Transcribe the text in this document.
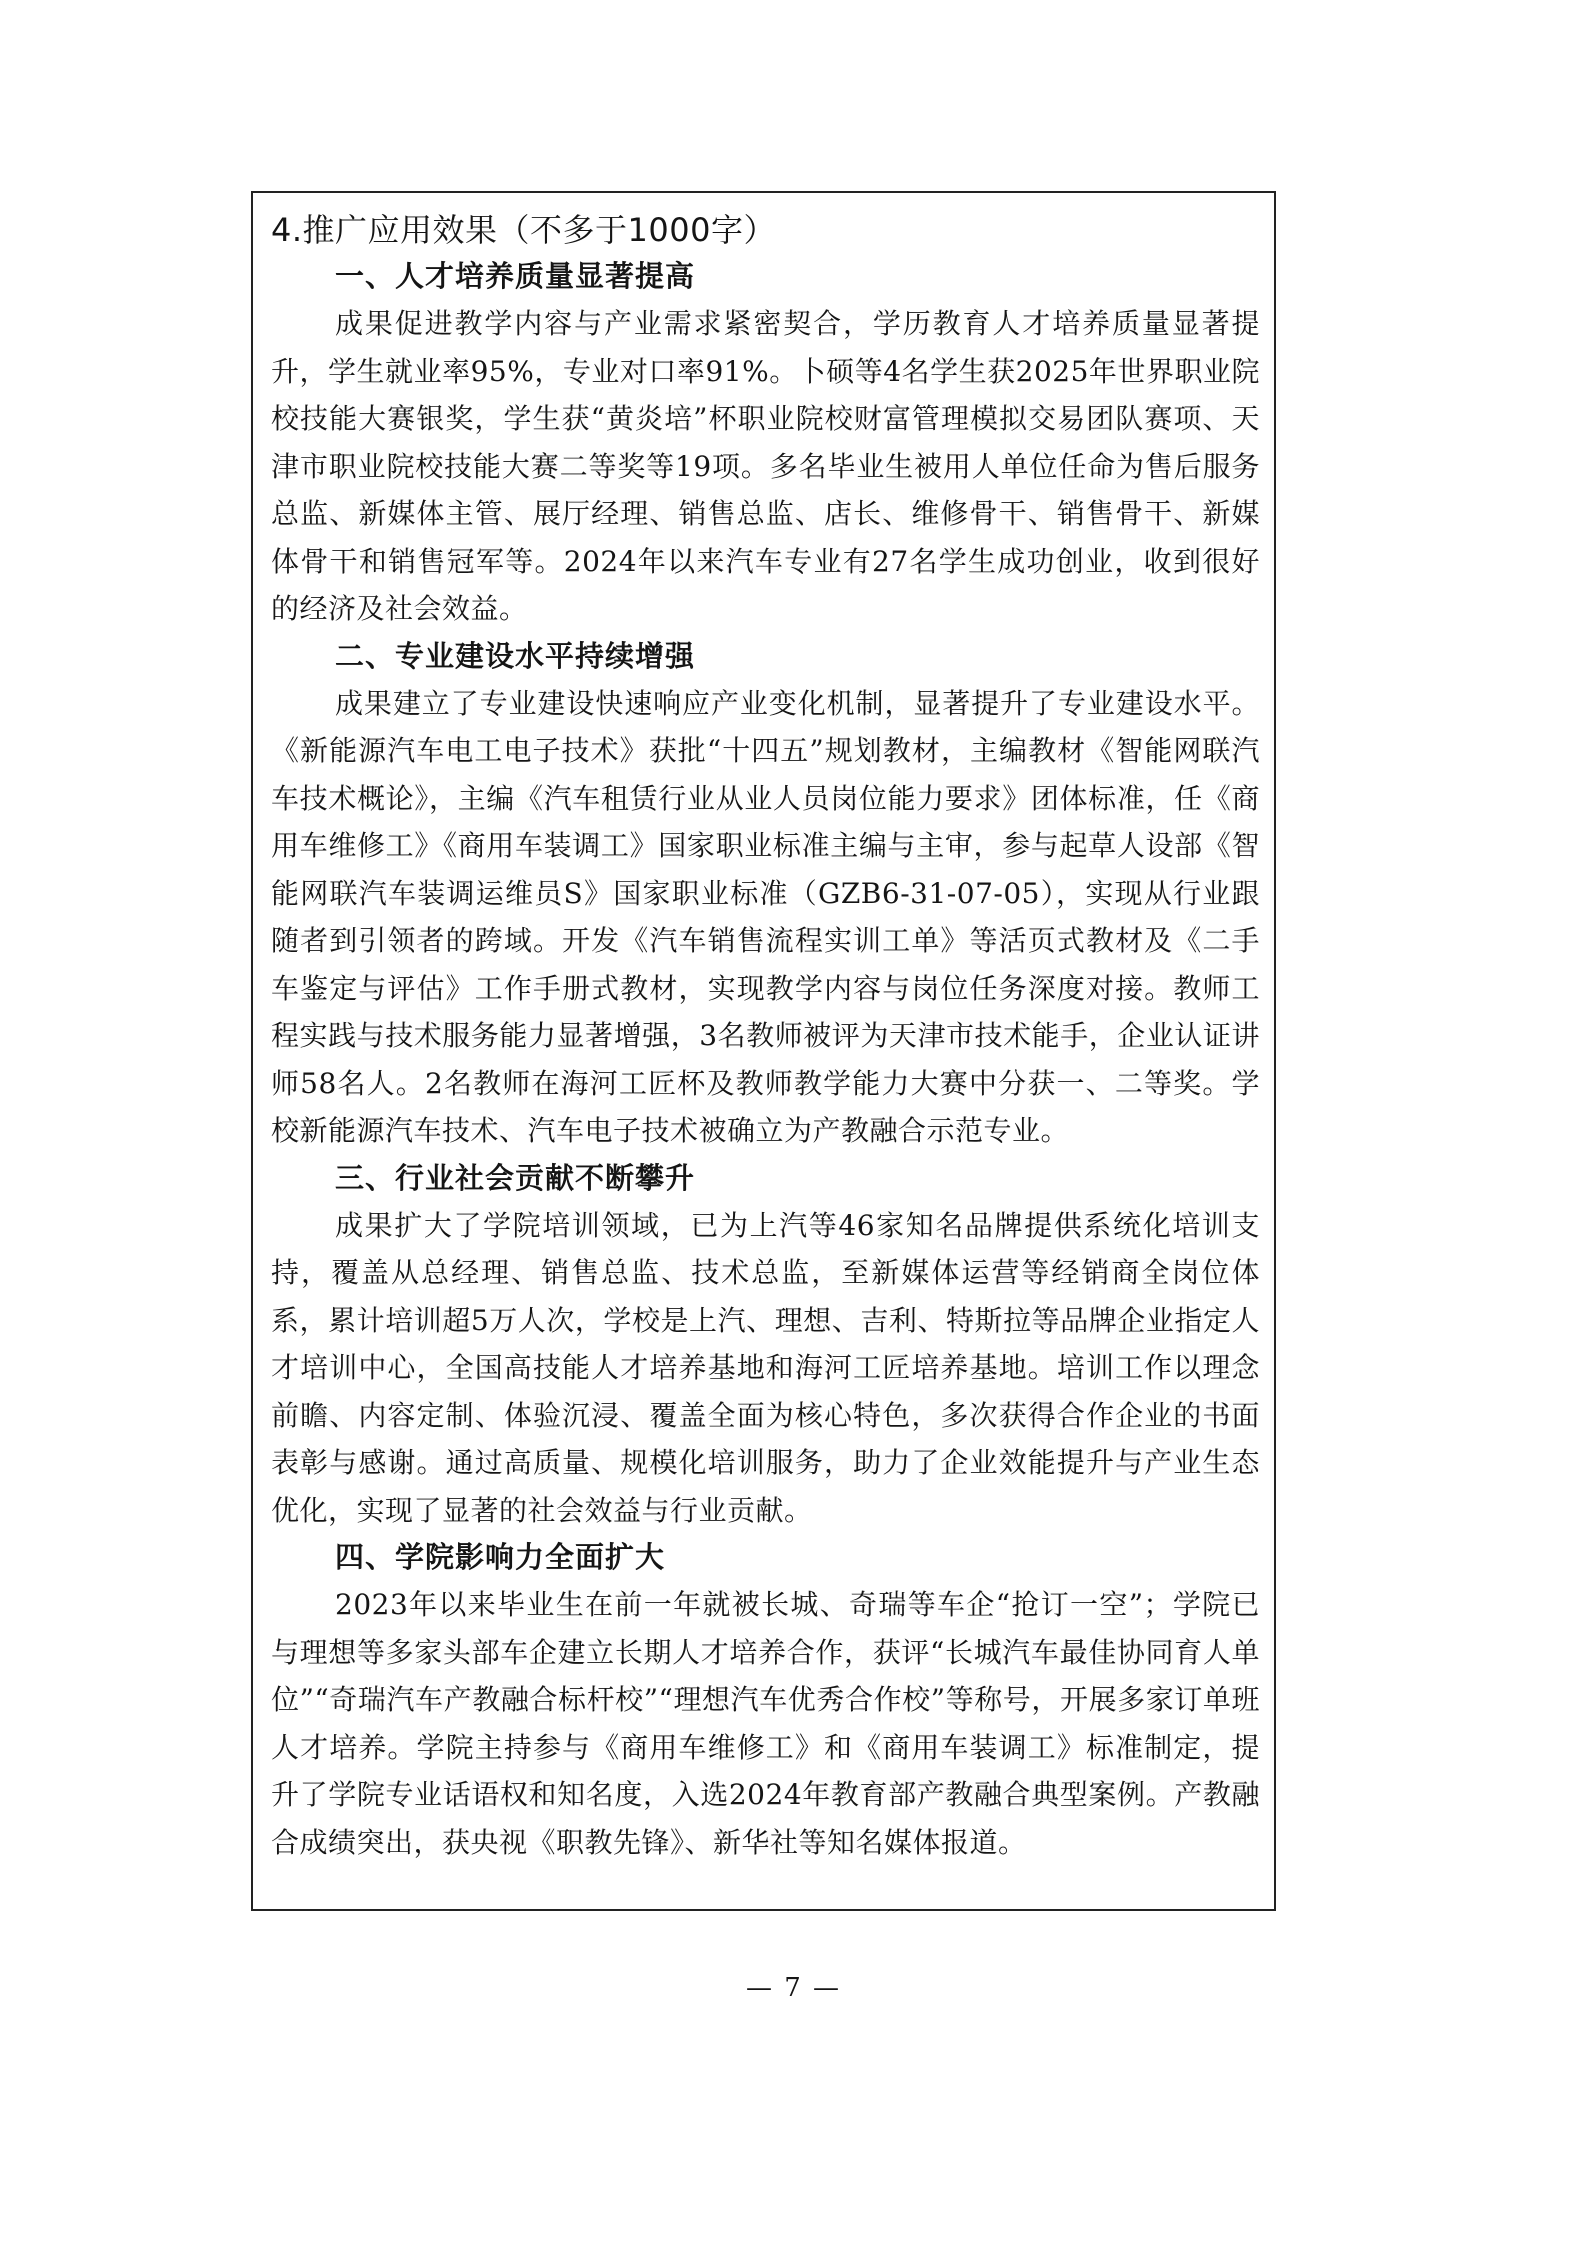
4.推广应用效果（不多于1000字）
一、人才培养质量显著提高

成果促进教学内容与产业需求紧密契合，学历教育人才培养质量显著提升，学生就业率95%，专业对口率91%。卜硕等4名学生获2025年世界职业院校技能大赛银奖，学生获“黄炎培”杯职业院校财富管理模拟交易团队赛项、天津市职业院校技能大赛二等奖等19项。多名毕业生被用人单位任命为售后服务总监、新媒体主管、展厅经理、销售总监、店长、维修骨干、销售骨干、新媒体骨干和销售冠军等。2024年以来汽车专业有27名学生成功创业，收到很好的经济及社会效益。

二、专业建设水平持续增强

成果建立了专业建设快速响应产业变化机制，显著提升了专业建设水平。《新能源汽车电工电子技术》获批“十四五”规划教材，主编教材《智能网联汽车技术概论》，主编《汽车租赁行业从业人员岗位能力要求》团体标准，任《商用车维修工》《商用车装调工》国家职业标准主编与主审，参与起草人设部《智能网联汽车装调运维员S》国家职业标准（GZB6-31-07-05），实现从行业跟随者到引领者的跨域。开发《汽车销售流程实训工单》等活页式教材及《二手车鉴定与评估》工作手册式教材，实现教学内容与岗位任务深度对接。教师工程实践与技术服务能力显著增强，3名教师被评为天津市技术能手，企业认证讲师58名人。2名教师在海河工匠杯及教师教学能力大赛中分获一、二等奖。学校新能源汽车技术、汽车电子技术被确立为产教融合示范专业。

三、行业社会贡献不断攀升

成果扩大了学院培训领域，已为上汽等46家知名品牌提供系统化培训支持，覆盖从总经理、销售总监、技术总监，至新媒体运营等经销商全岗位体系，累计培训超5万人次，学校是上汽、理想、吉利、特斯拉等品牌企业指定人才培训中心，全国高技能人才培养基地和海河工匠培养基地。培训工作以理念前瞻、内容定制、体验沉浸、覆盖全面为核心特色，多次获得合作企业的书面表彰与感谢。通过高质量、规模化培训服务，助力了企业效能提升与产业生态优化，实现了显著的社会效益与行业贡献。

四、学院影响力全面扩大

2023年以来毕业生在前一年就被长城、奇瑞等车企“抢订一空”；学院已与理想等多家头部车企建立长期人才培养合作，获评“长城汽车最佳协同育人单位”“奇瑞汽车产教融合标杆校”“理想汽车优秀合作校”等称号，开展多家订单班人才培养。学院主持参与《商用车维修工》和《商用车装调工》标准制定，提升了学院专业话语权和知名度，入选2024年教育部产教融合典型案例。产教融合成绩突出，获央视《职教先锋》、新华社等知名媒体报道。

— 7 —
